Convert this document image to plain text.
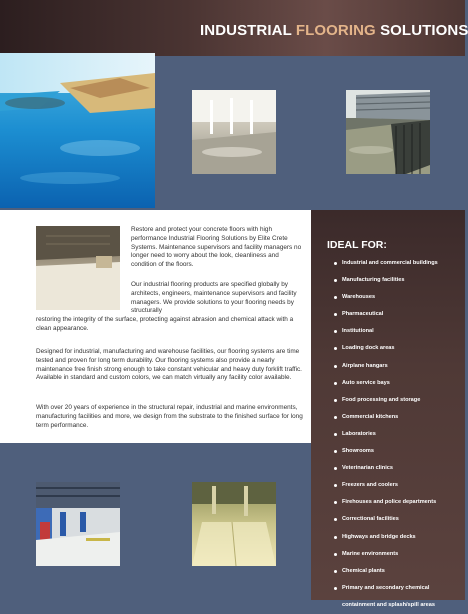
INDUSTRIAL FLOORING SOLUTIONS
Restore and protect your concrete floors with high performance Industrial Flooring Solutions by Elite Crete Systems. Maintenance supervisors and facility managers no longer need to worry about the look, cleanliness and condition of the floors.
Our industrial flooring products are specified globally by architects, engineers, maintenance supervisors and facility managers. We provide solutions to your flooring needs by structurally
restoring the integrity of the surface, protecting against abrasion and chemical attack with a clean appearance.
Designed for industrial, manufacturing and warehouse facilities, our flooring systems are time tested and proven for long term durability. Our flooring systems also provide a nearly maintenance free finish strong enough to take constant vehicular and heavy duty forklift traffic. Available in standard and custom colors, we can match virtually any facility color available.
With over 20 years of experience in the structural repair, industrial and marine environments, manufacturing facilities and more, we design from the substrate to the finished surface for long term performance.
IDEAL FOR:
Industrial and commercial buildings
Manufacturing facilities
Warehouses
Pharmaceutical
Institutional
Loading dock areas
Airplane hangars
Auto service bays
Food processing and storage
Commercial kitchens
Laboratories
Showrooms
Veterinarian clinics
Freezers and coolers
Firehouses and police departments
Correctional facilities
Highways and bridge decks
Marine environments
Chemical plants
Primary and secondary chemical
containment and splash/spill areas
